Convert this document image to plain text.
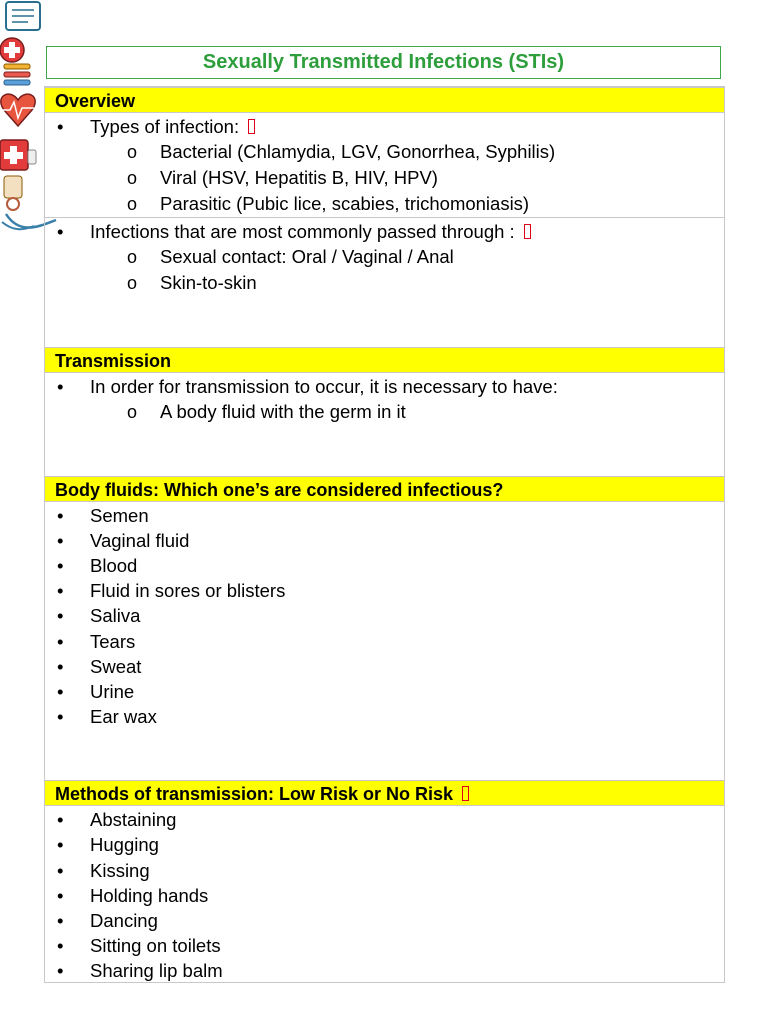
Sexually Transmitted Infections (STIs)
Overview
• Types of infection:
o Bacterial (Chlamydia, LGV, Gonorrhea, Syphilis)
o Viral (HSV, Hepatitis B, HIV, HPV)
o Parasitic (Pubic lice, scabies, trichomoniasis)
• Infections that are most commonly passed through :
o Sexual contact: Oral / Vaginal / Anal
o Skin-to-skin
Transmission
• In order for transmission to occur, it is necessary to have:
o A body fluid with the germ in it
Body fluids: Which one’s are considered infectious?
• Semen
• Vaginal fluid
• Blood
• Fluid in sores or blisters
• Saliva
• Tears
• Sweat
• Urine
• Ear wax
Methods of transmission: Low Risk or No Risk
• Abstaining
• Hugging
• Kissing
• Holding hands
• Dancing
• Sitting on toilets
• Sharing lip balm
